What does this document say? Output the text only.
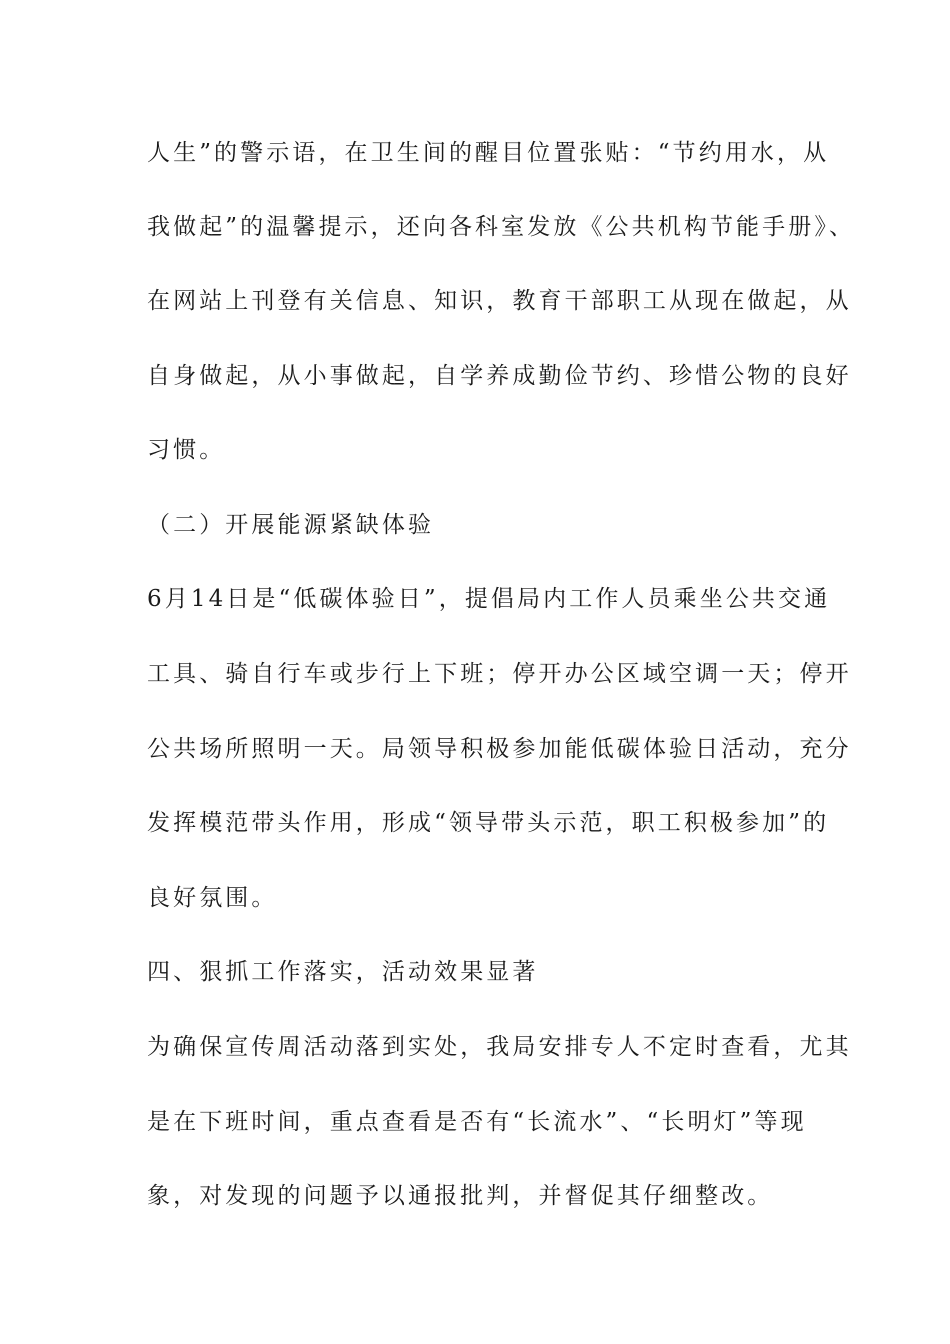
人生”的警示语，在卫生间的醒目位置张贴：“节约用水，从
我做起”的温馨提示，还向各科室发放《公共机构节能手册》、
在网站上刊登有关信息、知识，教育干部职工从现在做起，从
自身做起，从小事做起，自学养成勤俭节约、珍惜公物的良好
习惯。
（二）开展能源紧缺体验
6月14日是“低碳体验日”，提倡局内工作人员乘坐公共交通
工具、骑自行车或步行上下班；停开办公区域空调一天；停开
公共场所照明一天。局领导积极参加能低碳体验日活动，充分
发挥模范带头作用，形成“领导带头示范，职工积极参加”的
良好氛围。
四、狠抓工作落实，活动效果显著
为确保宣传周活动落到实处，我局安排专人不定时查看，尤其
是在下班时间，重点查看是否有“长流水”、“长明灯”等现
象，对发现的问题予以通报批判，并督促其仔细整改。
